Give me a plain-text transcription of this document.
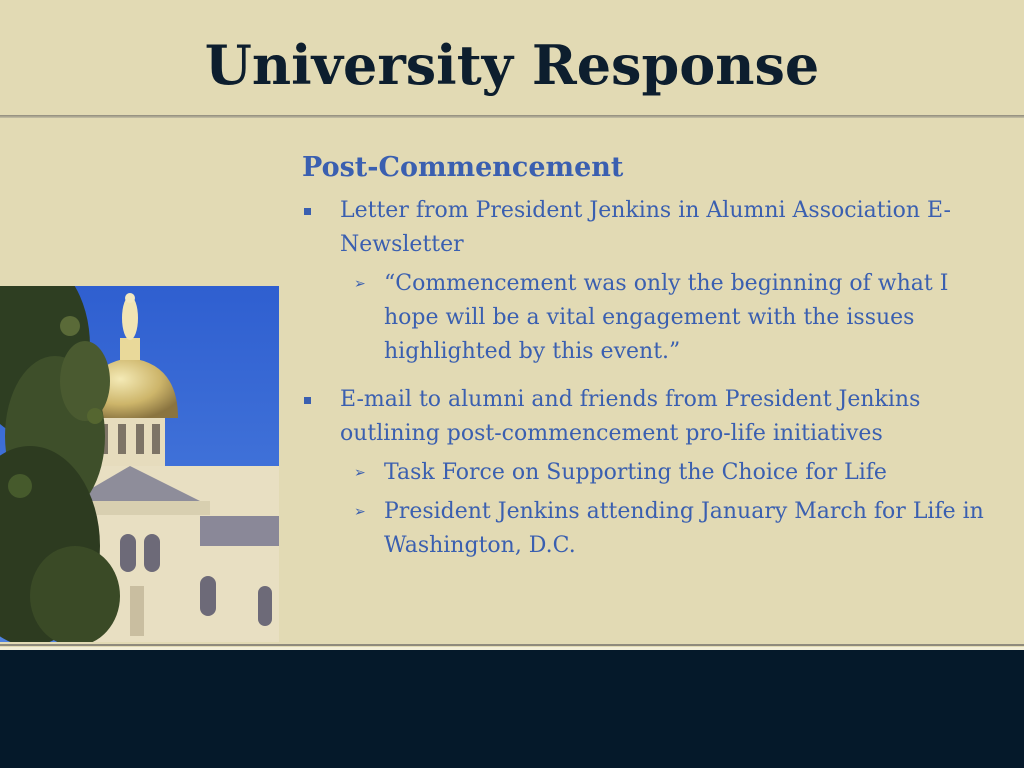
University Response
Post-Commencement
Letter from President Jenkins in Alumni Association E-Newsletter
➢ “Commencement was only the beginning of what I hope will be a vital engagement with the issues highlighted by this event.”
E-mail to alumni and friends from President Jenkins outlining post-commencement pro-life initiatives
➢ Task Force on Supporting the Choice for Life
➢ President Jenkins attending January March for Life in Washington, D.C.
